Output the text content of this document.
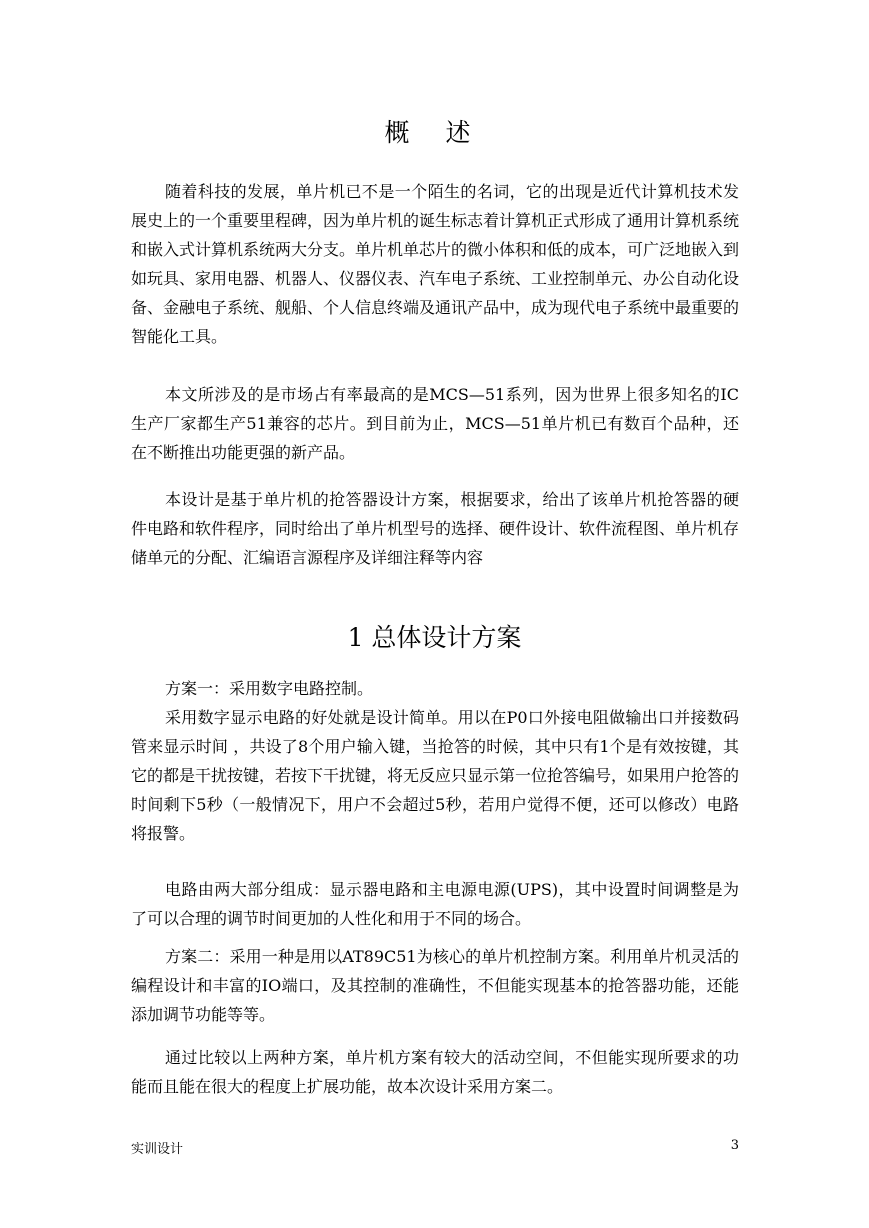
概 述

随着科技的发展，单片机已不是一个陌生的名词，它的出现是近代计算机技术发展史上的一个重要里程碑，因为单片机的诞生标志着计算机正式形成了通用计算机系统和嵌入式计算机系统两大分支。单片机单芯片的微小体积和低的成本，可广泛地嵌入到如玩具、家用电器、机器人、仪器仪表、汽车电子系统、工业控制单元、办公自动化设备、金融电子系统、舰船、个人信息终端及通讯产品中，成为现代电子系统中最重要的智能化工具。

本文所涉及的是市场占有率最高的是MCS—51系列，因为世界上很多知名的IC生产厂家都生产51兼容的芯片。到目前为止，MCS—51单片机已有数百个品种，还在不断推出功能更强的新产品。

本设计是基于单片机的抢答器设计方案，根据要求，给出了该单片机抢答器的硬件电路和软件程序，同时给出了单片机型号的选择、硬件设计、软件流程图、单片机存储单元的分配、汇编语言源程序及详细注释等内容

1 总体设计方案

方案一：采用数字电路控制。

采用数字显示电路的好处就是设计简单。用以在P0口外接电阻做输出口并接数码管来显示时间 ，共设了8个用户输入键，当抢答的时候，其中只有1个是有效按键，其它的都是干扰按键，若按下干扰键，将无反应只显示第一位抢答编号，如果用户抢答的时间剩下5秒（一般情况下，用户不会超过5秒，若用户觉得不便，还可以修改）电路将报警。

电路由两大部分组成：显示器电路和主电源电源(UPS)，其中设置时间调整是为了可以合理的调节时间更加的人性化和用于不同的场合。

方案二：采用一种是用以AT89C51为核心的单片机控制方案。利用单片机灵活的编程设计和丰富的IO端口，及其控制的准确性，不但能实现基本的抢答器功能，还能添加调节功能等等。

通过比较以上两种方案，单片机方案有较大的活动空间，不但能实现所要求的功能而且能在很大的程度上扩展功能，故本次设计采用方案二。

实训设计	3
